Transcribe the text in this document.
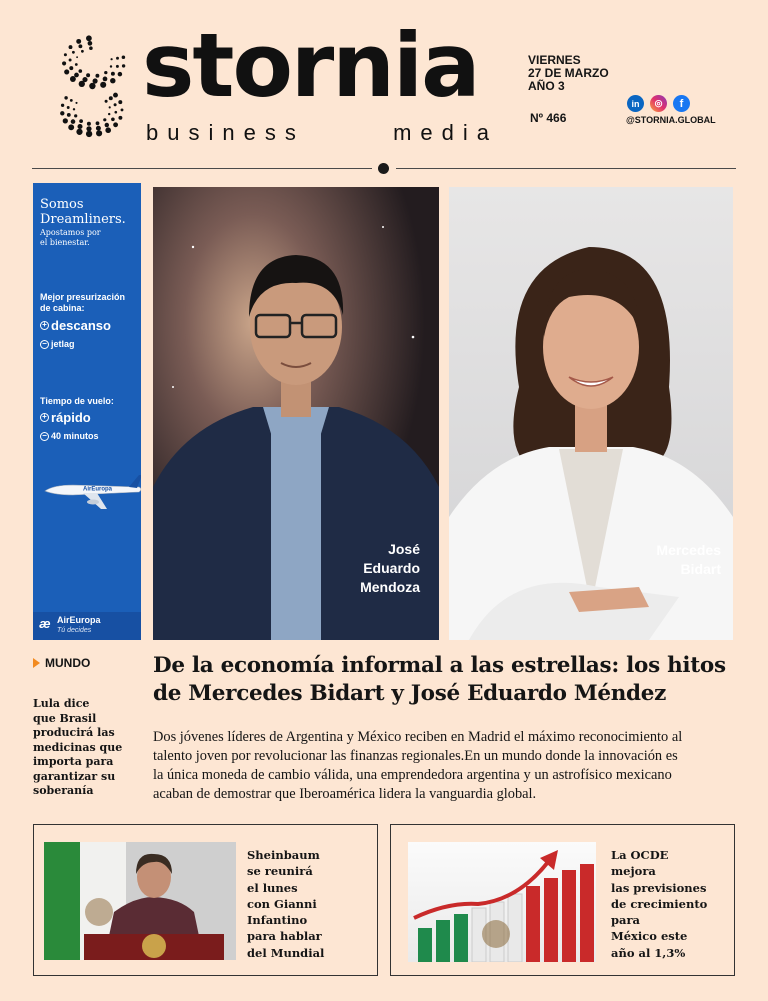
stornia
business	media
VIERNES
27 DE MARZO
AÑO 3
Nº 466
in	◎	f
@STORNIA.GLOBAL
Somos
Dreamliners.
Apostamos por
el bienestar.
Mejor presurización
de cabina:
+ descanso
− jetlag
Tiempo de vuelo:
+ rápido
− 40 minutos
AirEuropa
æ AirEuropa
Tú decides
José
Eduardo
Mendoza
Mercedes
Bidart
MUNDO
Lula dice
que Brasil
producirá las
medicinas que
importa para
garantizar su
soberanía
De la economía informal a las estrellas: los hitos
de Mercedes Bidart y José Eduardo Méndez
Dos jóvenes líderes de Argentina y México reciben en Madrid el máximo reconocimiento al
talento joven por revolucionar las finanzas regionales.En un mundo donde la innovación es
la única moneda de cambio válida, una emprendedora argentina y un astrofísico mexicano
acaban de demostrar que Iberoamérica lidera la vanguardia global.
Sheinbaum
se reunirá
el lunes
con Gianni
Infantino
para hablar
del Mundial
La OCDE
mejora
las previsiones
de crecimiento
para
México este
año al 1,3%
